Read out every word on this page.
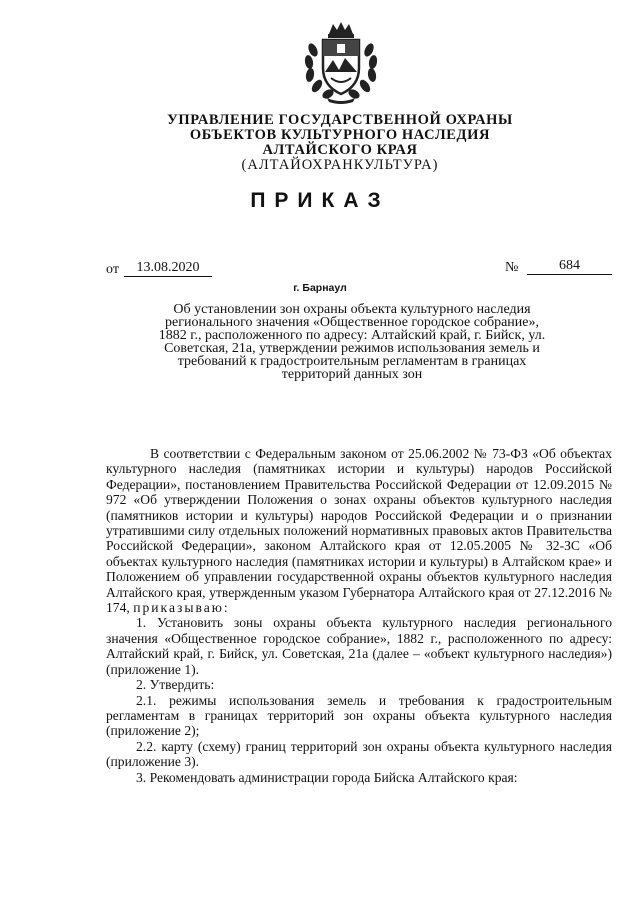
УПРАВЛЕНИЕ ГОСУДАРСТВЕННОЙ ОХРАНЫ
ОБЪЕКТОВ КУЛЬТУРНОГО НАСЛЕДИЯ
АЛТАЙСКОГО КРАЯ
(АЛТАЙОХРАНКУЛЬТУРА)
ПРИКАЗ
от	13.08.2020	№	684
г. Барнаул
Об установлении зон охраны объекта культурного наследия регионального значения «Общественное городское собрание», 1882 г., расположенного по адресу: Алтайский край, г. Бийск, ул. Советская, 21а, утверждении режимов использования земель и требований к градостроительным регламентам в границах территорий данных зон

В соответствии с Федеральным законом от 25.06.2002 № 73-ФЗ «Об объектах культурного наследия (памятниках истории и культуры) народов Российской Федерации», постановлением Правительства Российской Федерации от 12.09.2015 № 972 «Об утверждении Положения о зонах охраны объектов культурного наследия (памятников истории и культуры) народов Российской Федерации и о признании утратившими силу отдельных положений нормативных правовых актов Правительства Российской Федерации», законом Алтайского края от 12.05.2005 № 32-ЗС «Об объектах культурного наследия (памятниках истории и культуры) в Алтайском крае» и Положением об управлении государственной охраны объектов культурного наследия Алтайского края, утвержденным указом Губернатора Алтайского края от 27.12.2016 № 174, приказываю:

1. Установить зоны охраны объекта культурного наследия регионального значения «Общественное городское собрание», 1882 г., расположенного по адресу: Алтайский край, г. Бийск, ул. Советская, 21а (далее – «объект культурного наследия») (приложение 1).

2. Утвердить:

2.1. режимы использования земель и требования к градостроительным регламентам в границах территорий зон охраны объекта культурного наследия (приложение 2);

2.2. карту (схему) границ территорий зон охраны объекта культурного наследия (приложение 3).

3. Рекомендовать администрации города Бийска Алтайского края:
